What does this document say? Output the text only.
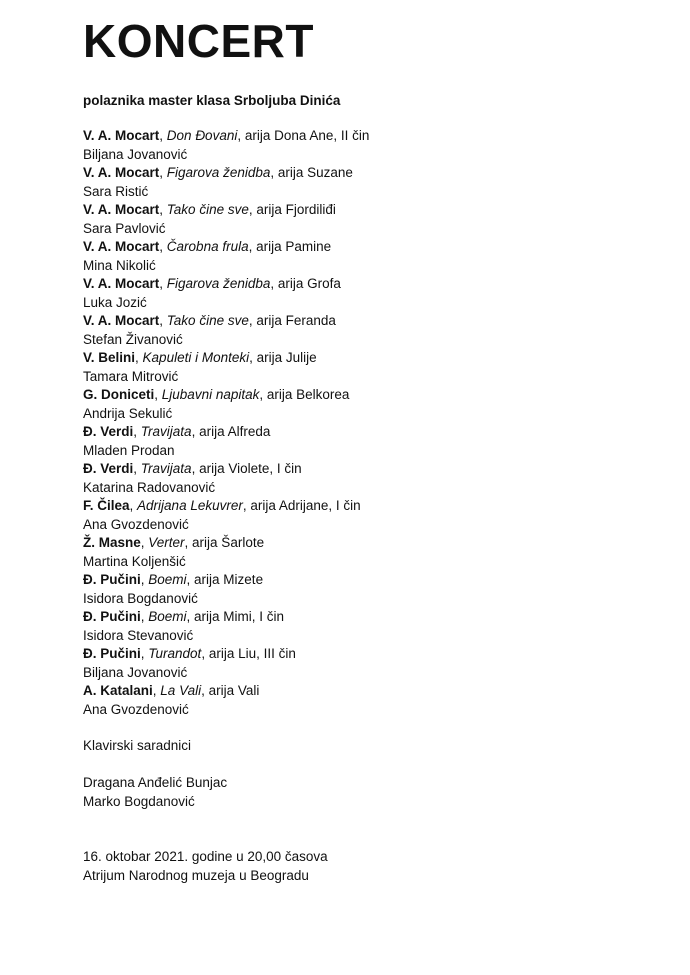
KONCERT

polaznika master klasa Srboljuba Dinića

V. A. Mocart, Don Đovani, arija Dona Ane, II čin
Biljana Jovanović
V. A. Mocart, Figarova ženidba, arija Suzane
Sara Ristić
V. A. Mocart, Tako čine sve, arija Fjordiliđi
Sara Pavlović
V. A. Mocart, Čarobna frula, arija Pamine
Mina Nikolić
V. A. Mocart, Figarova ženidba, arija Grofa
Luka Jozić
V. A. Mocart, Tako čine sve, arija Feranda
Stefan Živanović
V. Belini, Kapuleti i Monteki, arija Julije
Tamara Mitrović
G. Doniceti, Ljubavni napitak, arija Belkorea
Andrija Sekulić
Đ. Verdi, Travijata, arija Alfreda
Mladen Prodan
Đ. Verdi, Travijata, arija Violete, I čin
Katarina Radovanović
F. Čilea, Adrijana Lekuvrer, arija Adrijane, I čin
Ana Gvozdenović
Ž. Masne, Verter, arija Šarlote
Martina Koljenšić
Đ. Pučini, Boemi, arija Mizete
Isidora Bogdanović
Đ. Pučini, Boemi, arija Mimi, I čin
Isidora Stevanović
Đ. Pučini, Turandot, arija Liu, III čin
Biljana Jovanović
A. Katalani, La Vali, arija Vali
Ana Gvozdenović
Klavirski saradnici
Dragana Anđelić Bunjac
Marko Bogdanović
16. oktobar 2021. godine u 20,00 časova
Atrijum Narodnog muzeja u Beogradu
